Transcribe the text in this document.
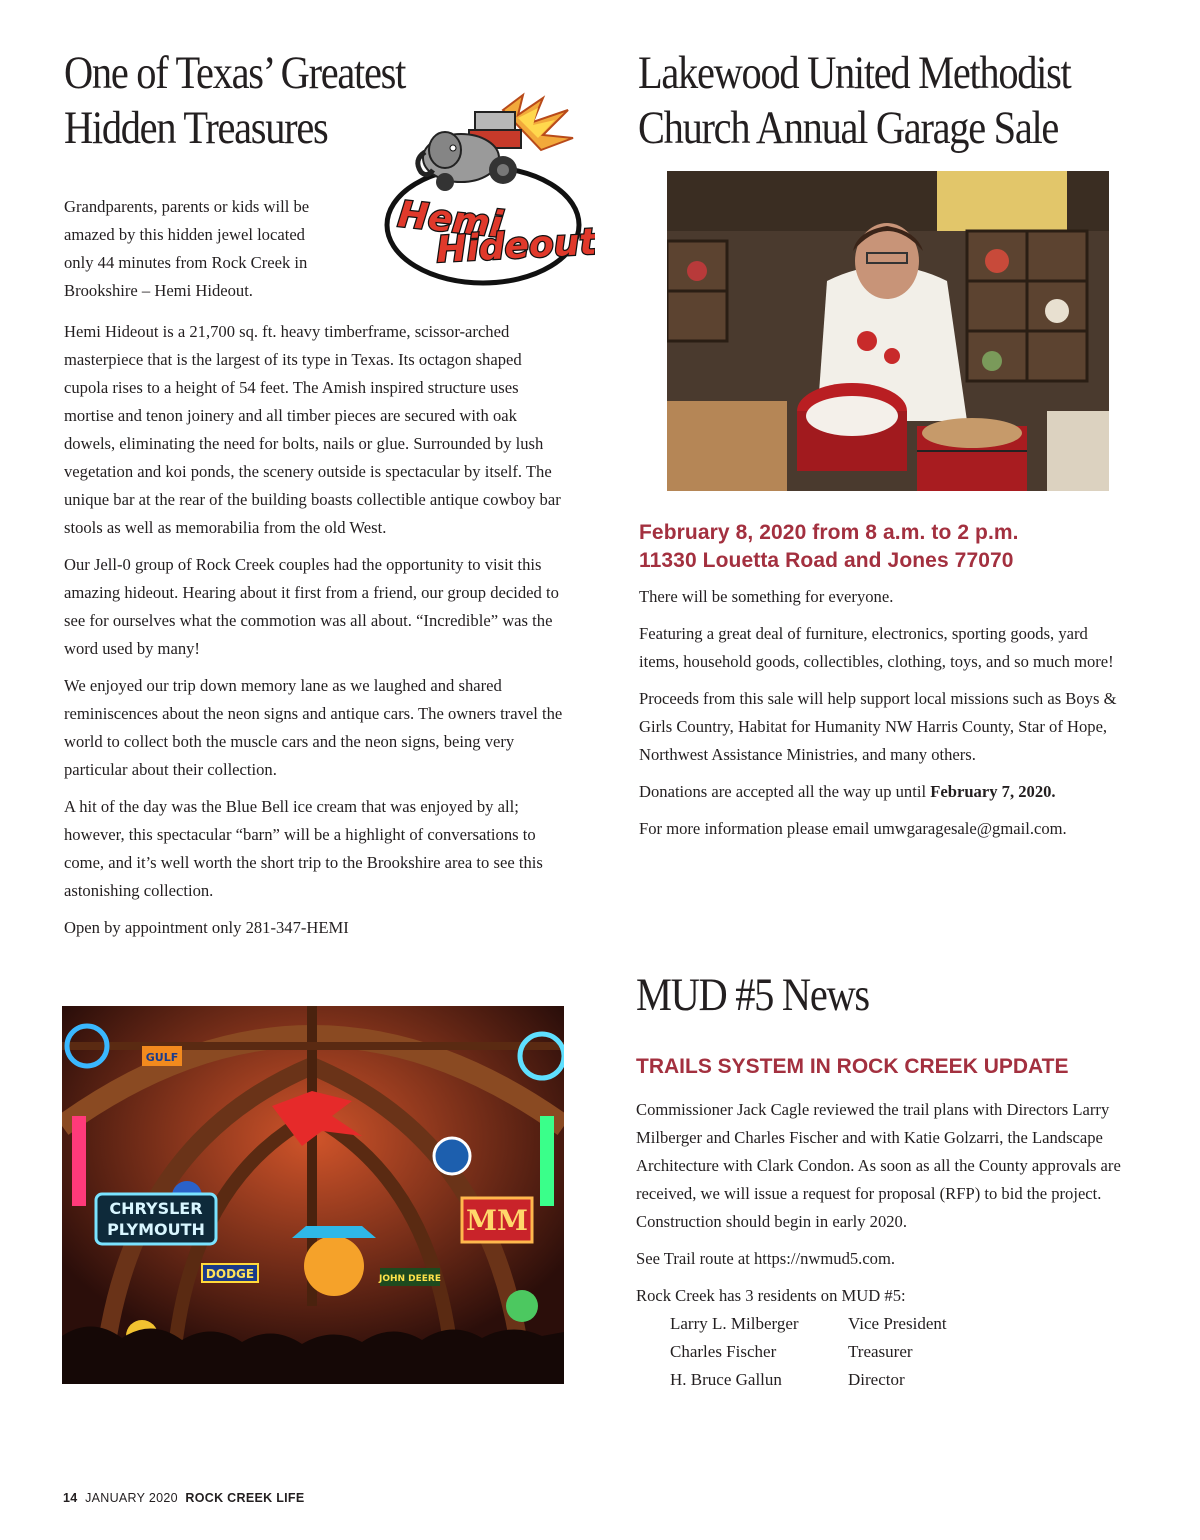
One of Texas’ Greatest
Hidden Treasures
Hemi
Hideout
Grandparents, parents or kids will be
amazed by this hidden jewel located
only 44 minutes from Rock Creek in
Brookshire – Hemi Hideout.

Hemi Hideout is a 21,700 sq. ft. heavy timberframe, scissor-arched masterpiece that is the largest of its type in Texas. Its octagon shaped cupola rises to a height of 54 feet. The Amish inspired structure uses mortise and tenon joinery and all timber pieces are secured with oak dowels, eliminating the need for bolts, nails or glue. Surrounded by lush vegetation and koi ponds, the scenery outside is spectacular by itself. The unique bar at the rear of the building boasts collectible antique cowboy bar stools as well as memorabilia from the old West.

Our Jell-0 group of Rock Creek couples had the opportunity to visit this amazing hideout. Hearing about it first from a friend, our group decided to see for ourselves what the commotion was all about. “Incredible” was the word used by many!

We enjoyed our trip down memory lane as we laughed and shared reminiscences about the neon signs and antique cars. The owners travel the world to collect both the muscle cars and the neon signs, being very particular about their collection.

A hit of the day was the Blue Bell ice cream that was enjoyed by all; however, this spectacular “barn” will be a highlight of conversations to come, and it’s well worth the short trip to the Brookshire area to see this astonishing collection.

Open by appointment only 281-347-HEMI

GULF
CHRYSLER
PLYMOUTH
DODGE	JOHN DEERE
MM
Lakewood United Methodist
Church Annual Garage Sale
February 8, 2020 from 8 a.m. to 2 p.m.
11330 Louetta Road and Jones 77070

There will be something for everyone.

Featuring a great deal of furniture, electronics, sporting goods, yard items, household goods, collectibles, clothing, toys, and so much more!

Proceeds from this sale will help support local missions such as Boys & Girls Country, Habitat for Humanity NW Harris County, Star of Hope, Northwest Assistance Ministries, and many others.

Donations are accepted all the way up until February 7, 2020.

For more information please email umwgaragesale@gmail.com.

MUD #5 News
TRAILS SYSTEM IN ROCK CREEK UPDATE

Commissioner Jack Cagle reviewed the trail plans with Directors Larry Milberger and Charles Fischer and with Katie Golzarri, the Landscape Architecture with Clark Condon. As soon as all the County approvals are received, we will issue a request for proposal (RFP) to bid the project. Construction should begin in early 2020.

See Trail route at https://nwmud5.com.

Rock Creek has 3 residents on MUD #5:

Larry L. Milberger	Vice President
Charles Fischer	Treasurer
H. Bruce Gallun	Director
14 JANUARY 2020 ROCK CREEK LIFE
